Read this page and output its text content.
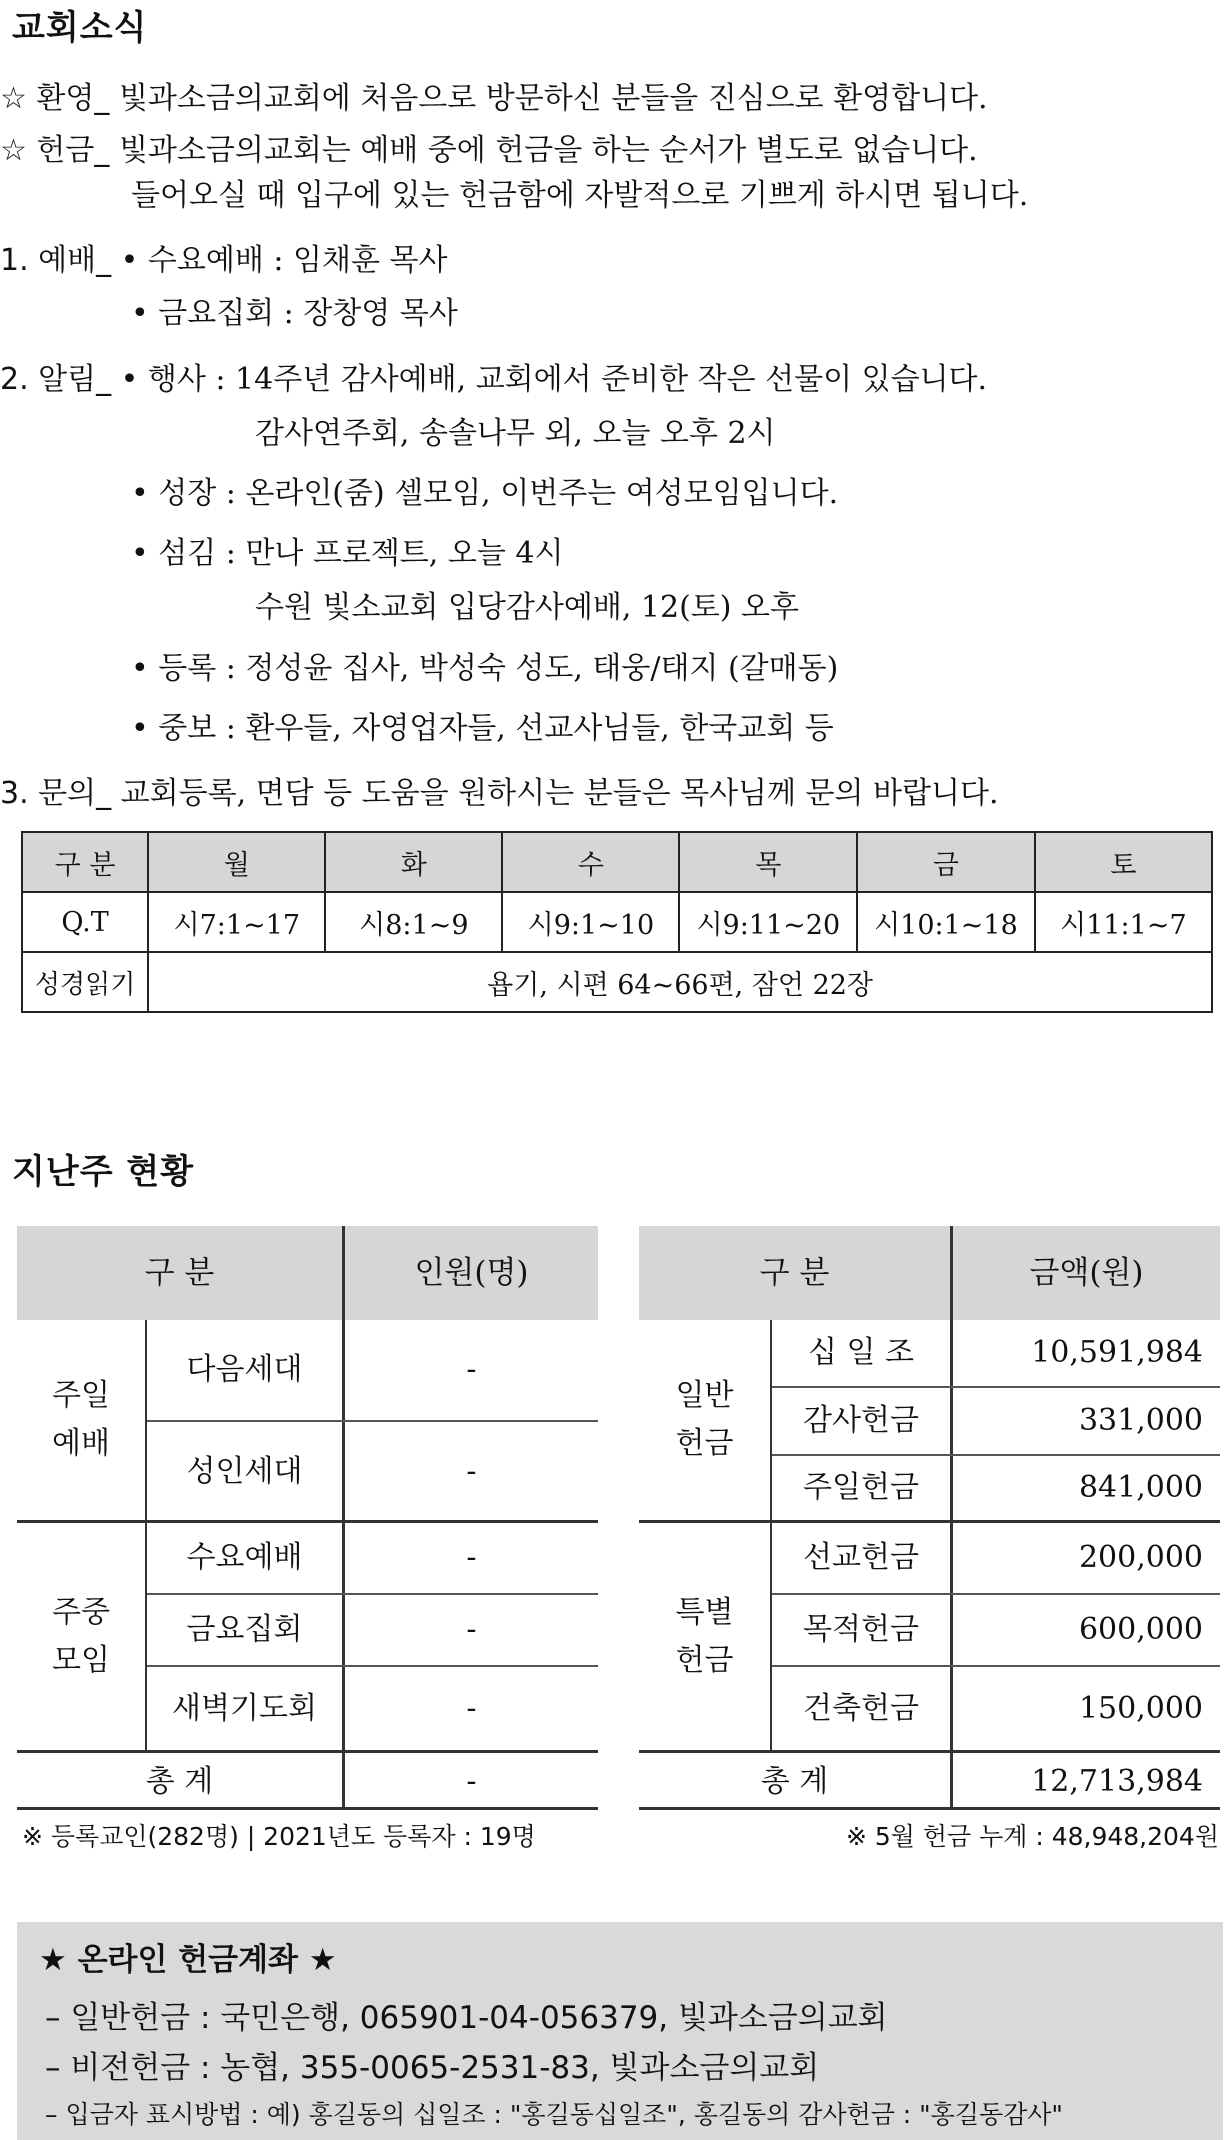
교회소식
☆ 환영_ 빛과소금의교회에 처음으로 방문하신 분들을 진심으로 환영합니다.
☆ 헌금_ 빛과소금의교회는 예배 중에 헌금을 하는 순서가 별도로 없습니다.
들어오실 때 입구에 있는 헌금함에 자발적으로 기쁘게 하시면 됩니다.
1. 예배_ • 수요예배 : 임채훈 목사
• 금요집회 : 장창영 목사
2. 알림_ • 행사 : 14주년 감사예배, 교회에서 준비한 작은 선물이 있습니다.
감사연주회, 송솔나무 외, 오늘 오후 2시
• 성장 : 온라인(줌) 셀모임, 이번주는 여성모임입니다.
• 섬김 : 만나 프로젝트, 오늘 4시
수원 빛소교회 입당감사예배, 12(토) 오후
• 등록 : 정성윤 집사, 박성숙 성도, 태웅/태지 (갈매동)
• 중보 : 환우들, 자영업자들, 선교사님들, 한국교회 등
3. 문의_ 교회등록, 면담 등 도움을 원하시는 분들은 목사님께 문의 바랍니다.
구 분	월	화	수	목	금	토
Q.T	시7:1~17	시8:1~9	시9:1~10	시9:11~20	시10:1~18	시11:1~7
성경읽기	욥기, 시편 64~66편, 잠언 22장					
지난주 현황
구 분	인원(명)
주일
예배
다음세대	-
성인세대	-
주중
모임
수요예배	-
금요집회	-
새벽기도회	-
총 계	-
구 분	금액(원)
일반
헌금
십 일 조	10,591,984
감사헌금	331,000
주일헌금	841,000
특별
헌금
선교헌금	200,000
목적헌금	600,000
건축헌금	150,000
총 계	12,713,984
※ 등록교인(282명) | 2021년도 등록자 : 19명	※ 5월 헌금 누계 : 48,948,204원
★ 온라인 헌금계좌 ★
– 일반헌금 : 국민은행, 065901-04-056379, 빛과소금의교회
– 비전헌금 : 농협, 355-0065-2531-83, 빛과소금의교회
– 입금자 표시방법 : 예) 홍길동의 십일조 : "홍길동십일조", 홍길동의 감사헌금 : "홍길동감사"
